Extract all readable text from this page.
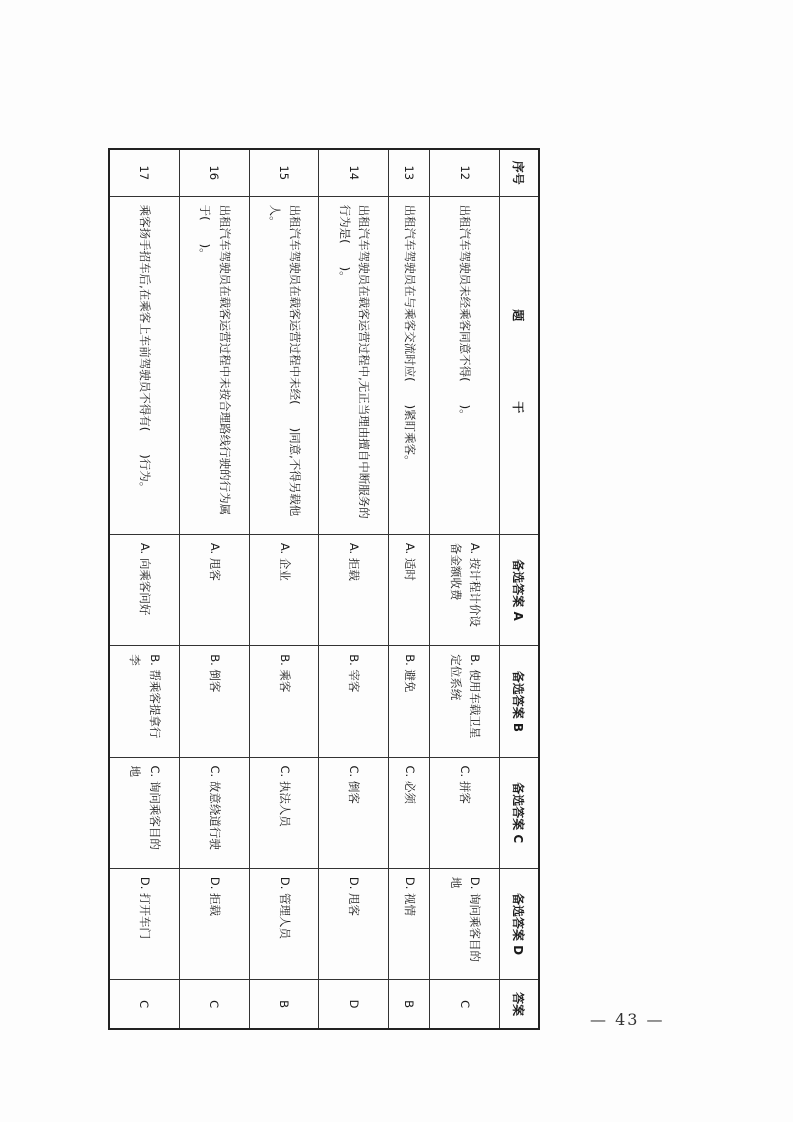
序号	题干	备选答案 A	备选答案 B	备选答案 C	备选答案 D	答案
12	出租汽车驾驶员未经乘客同意不得(　　)。	A. 按计程计价设备金额收费	B. 使用车载卫星定位系统	C. 拼客	D. 询问乘客目的地	C
13	出租汽车驾驶员在与乘客交流时应(　　)紧盯乘客。	A. 适时	B. 避免	C. 必须	D. 视情	B
14	出租汽车驾驶员在载客运营过程中,无正当理由擅自中断服务的行为是(　　)。	A. 拒载	B. 宰客	C. 倒客	D. 甩客	D
15	出租汽车驾驶员在载客运营过程中未经(　　)同意,不得另载他人。	A. 企业	B. 乘客	C. 执法人员	D. 管理人员	B
16	出租汽车驾驶员在载客运营过程中未按合理路线行驶的行为属于(　　)。	A. 甩客	B. 倒客	C. 故意绕道行驶	D. 拒载	C
17	乘客扬手招车后,在乘客上车前驾驶员不得有(　　)行为。	A. 向乘客问好	B. 帮乘客提拿行李	C. 询问乘客目的地	D. 打开车门	C
— 43 —
